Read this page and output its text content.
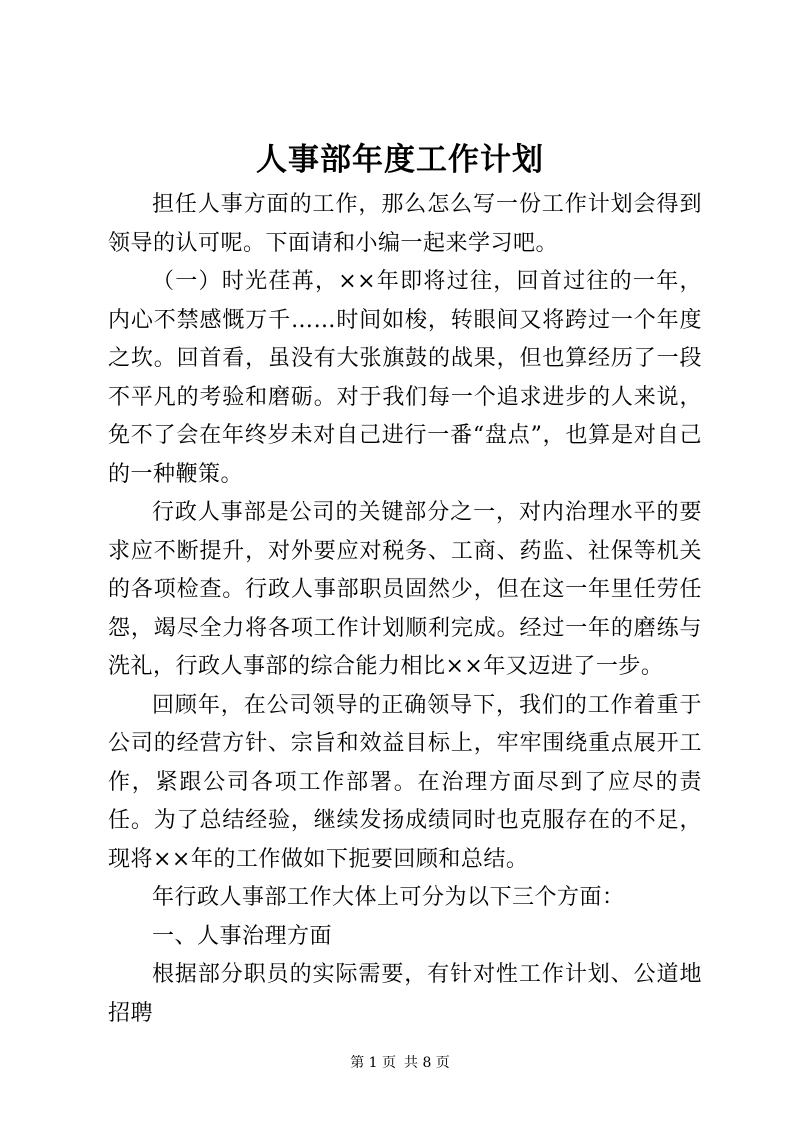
人事部年度工作计划

担任人事方面的工作，那么怎么写一份工作计划会得到领导的认可呢。下面请和小编一起来学习吧。

（一）时光荏苒，××年即将过往，回首过往的一年，内心不禁感慨万千……时间如梭，转眼间又将跨过一个年度之坎。回首看，虽没有大张旗鼓的战果，但也算经历了一段不平凡的考验和磨砺。对于我们每一个追求进步的人来说，免不了会在年终岁未对自己进行一番“盘点”，也算是对自己的一种鞭策。

行政人事部是公司的关键部分之一，对内治理水平的要求应不断提升，对外要应对税务、工商、药监、社保等机关的各项检查。行政人事部职员固然少，但在这一年里任劳任怨，竭尽全力将各项工作计划顺利完成。经过一年的磨练与洗礼，行政人事部的综合能力相比××年又迈进了一步。

回顾年，在公司领导的正确领导下，我们的工作着重于公司的经营方针、宗旨和效益目标上，牢牢围绕重点展开工作，紧跟公司各项工作部署。在治理方面尽到了应尽的责任。为了总结经验，继续发扬成绩同时也克服存在的不足，现将××年的工作做如下扼要回顾和总结。

年行政人事部工作大体上可分为以下三个方面：

一、人事治理方面

根据部分职员的实际需要，有针对性工作计划、公道地招聘

第 1 页 共 8 页
